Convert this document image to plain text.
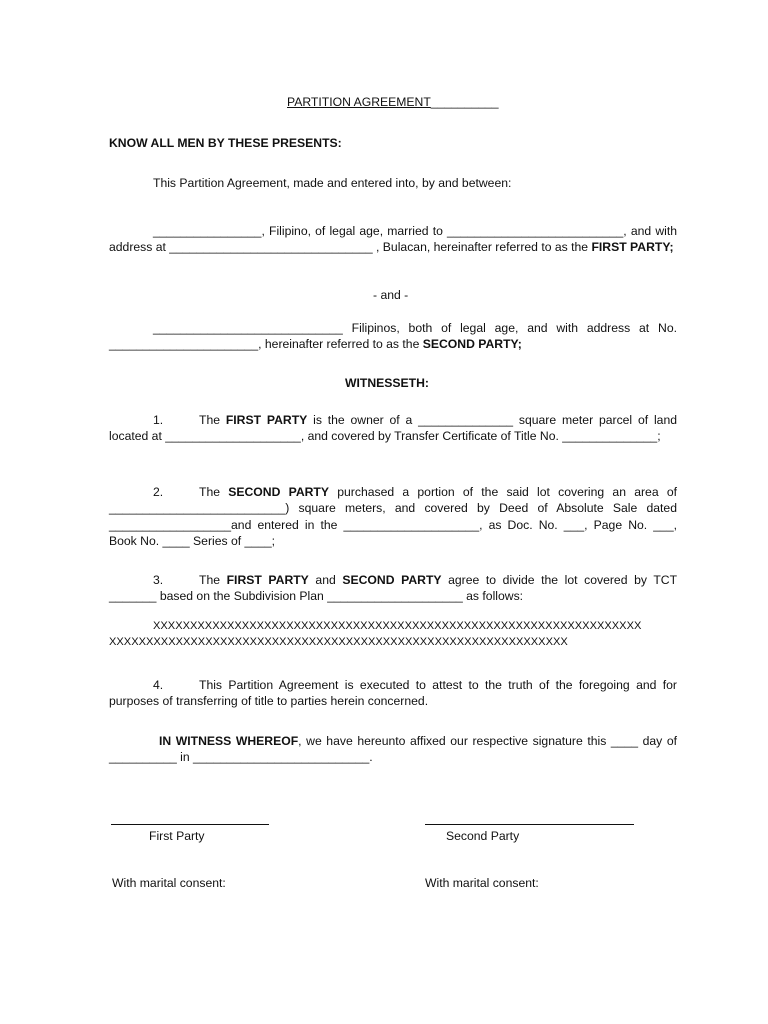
PARTITION AGREEMENT__________
KNOW ALL MEN BY THESE PRESENTS:
This Partition Agreement, made and entered into, by and between:
________________, Filipino, of legal age, married to __________________________, and with address at ______________________________ , Bulacan, hereinafter referred to as the FIRST PARTY;
- and -
____________________________ Filipinos, both of legal age, and with address at No. ______________________, hereinafter referred to as the SECOND PARTY;
WITNESSETH:
1.	The FIRST PARTY is the owner of a ______________ square meter parcel of land located at ____________________, and covered by Transfer Certificate of Title No. ______________;
2.	The SECOND PARTY purchased a portion of the said lot covering an area of __________________________) square meters, and covered by Deed of Absolute Sale dated __________________and entered in the ____________________, as Doc. No. ___, Page No. ___, Book No. ____ Series of ____;
3.	The FIRST PARTY and SECOND PARTY agree to divide the lot covered by TCT _______ based on the Subdivision Plan ____________________ as follows:
XXXXXXXXXXXXXXXXXXXXXXXXXXXXXXXXXXXXXXXXXXXXXXXXXXXXXXXXXXXXXXXXXX
XXXXXXXXXXXXXXXXXXXXXXXXXXXXXXXXXXXXXXXXXXXXXXXXXXXXXXXXXXXXXX
4.	This Partition Agreement is executed to attest to the truth of the foregoing and for purposes of transferring of title to parties herein concerned.
IN WITNESS WHEREOF, we have hereunto affixed our respective signature this ____ day of __________ in __________________________.
First Party	Second Party
With marital consent:	With marital consent:
